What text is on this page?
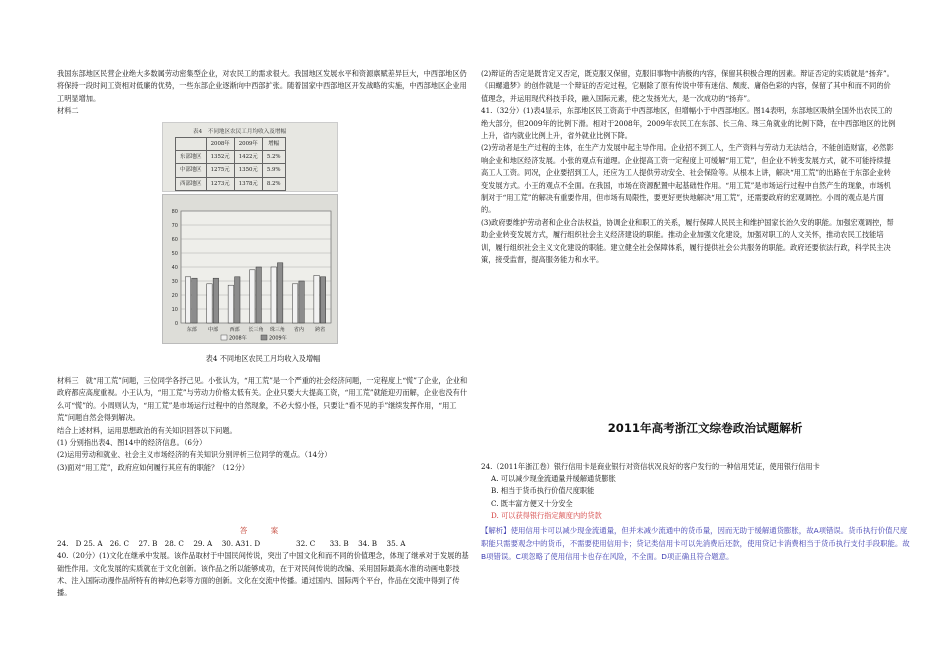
我国东部地区民营企业绝大多数属劳动密集型企业，对农民工的需求很大。我国地区发展水平和资源禀赋差异巨大，中西部地区仍将保持一段时间工资相对低廉的优势，一些东部企业逐渐向中西部扩张。随着国家中西部地区开发战略的实施，中西部地区企业用工明显增加。

材料二

表4　不同地区农民工月均收入及增幅
	2008年	2009年	增幅
东部地区	1352元	1422元	5.2%
中部地区	1275元	1350元	5.9%
西部地区	1273元	1378元	8.2%
0
10
20
30
40
50
60
70
80
东部 中部 西部 长三角 珠三角 省内 跨省
2008年	2009年

表4 不同地区农民工月均收入及增幅

材料三　就“用工荒”问题，三位同学各抒己见。小张认为，“用工荒”是一个严重的社会经济问题，一定程度上“慌”了企业，企业和政府都应高度重视。小王认为，“用工荒”与劳动力价格太低有关。企业只要大大提高工资，“用工荒”就能迎刃而解，企业也没有什么可“慌”的。小周则认为，“用工荒”是市场运行过程中的自然现象，不必大惊小怪，只要让“看不见的手”继续发挥作用，“用工荒”问题自然会得到解决。

结合上述材料，运用思想政治的有关知识回答以下问题。

(1) 分别指出表4、图14中的经济信息。（6分）

(2)运用劳动和就业、社会主义市场经济的有关知识分别评析三位同学的观点。（14分）

(3)面对“用工荒”，政府应如何履行其应有的职能？（12分）

答　案

24.　D 25. A　26. C　 27. B　28. C　 29. A　 30. A31. D　　　　　32. C　　33. B　 34. B　 35. A

40.（20分）(1)文化在继承中发展。该作品取材于中国民间传说，突出了中国文化和而不同的价值理念，体现了继承对于发展的基础性作用。文化发展的实质就在于文化创新。该作品之所以能够成功，在于对民间传说的改编、采用国际最高水准的动画电影技术、注入国际动漫作品所特有的神幻色彩等方面的创新。文化在交流中传播。通过国内、国际两个平台，作品在交流中得到了传播。

(2)辩证的否定是既肯定又否定，既克服又保留，克服旧事物中消极的内容，保留其积极合理的因素。辩证否定的实质就是“扬弃”。

《田螺遗梦》的创作就是一个辩证的否定过程，它剔除了原有传说中带有迷信、颓废、庸俗色彩的内容，保留了其中和而不同的价值理念，并运用现代科技手段，融入国际元素，使之发扬光大，是一次成功的“扬弃”。

41.（32分）(1)表4显示，东部地区民工资高于中西部地区，但增幅小于中西部地区。图14表明，东部地区吸纳全国外出农民工的绝大部分，但2009年的比例下滑。相对于2008年，2009年农民工在东部、长三角、珠三角就业的比例下降，在中西部地区的比例上升，省内就业比例上升，省外就业比例下降。

(2)劳动者是生产过程的主体，在生产力发展中起主导作用。企业招不到工人，生产资料与劳动力无法结合，不能创造财富，必然影响企业和地区经济发展。小张的观点有道理。企业提高工资一定程度上可缓解“用工荒”，但企业不转变发展方式，就不可能持续提高工人工资。同况，企业要招到工人，还应为工人提供劳动安全、社会保险等。从根本上讲，解决“用工荒”的出路在于东部企业转变发展方式。小王的观点不全面。在我国，市场在资源配置中起基础性作用。“用工荒”是市场运行过程中自然产生的现象，市场机制对于“用工荒”的解决有重要作用，但市场有局限性，要更好更快地解决“用工荒”，还需要政府的宏观调控。小周的观点是片面的。

(3)政府要维护劳动者和企业合法权益，协调企业和职工的关系，履行保障人民民主和维护国家长治久安的职能。加强宏观调控，帮助企业转变发展方式，履行组织社会主义经济建设的职能。推动企业加强文化建设，加强对职工的人文关怀，推动农民工技能培训，履行组织社会主义文化建设的职能。建立健全社会保障体系，履行提供社会公共服务的职能。政府还要依法行政，科学民主决策，接受监督，提高服务能力和水平。

2011年高考浙江文综卷政治试题解析

24.（2011年浙江卷）银行信用卡是商业银行对资信状况良好的客户发行的一种信用凭证，使用银行信用卡

A. 可以减少现金流通量并缓解通货膨胀

B. 相当于货币执行价值尺度职能

C. 既丰富方便又十分安全

D. 可以获得银行指定额度内的贷款

【解析】使用信用卡可以减少现金流通量，但并未减少流通中的货币量，因而无助于缓解通货膨胀，故A项错误。货币执行价值尺度职能只需要观念中的货币，不需要使用信用卡；贷记类信用卡可以先消费后还款，使用贷记卡消费相当于货币执行支付手段职能。故B项错误。C项忽略了使用信用卡也存在风险，不全面。D项正确且符合题意。
